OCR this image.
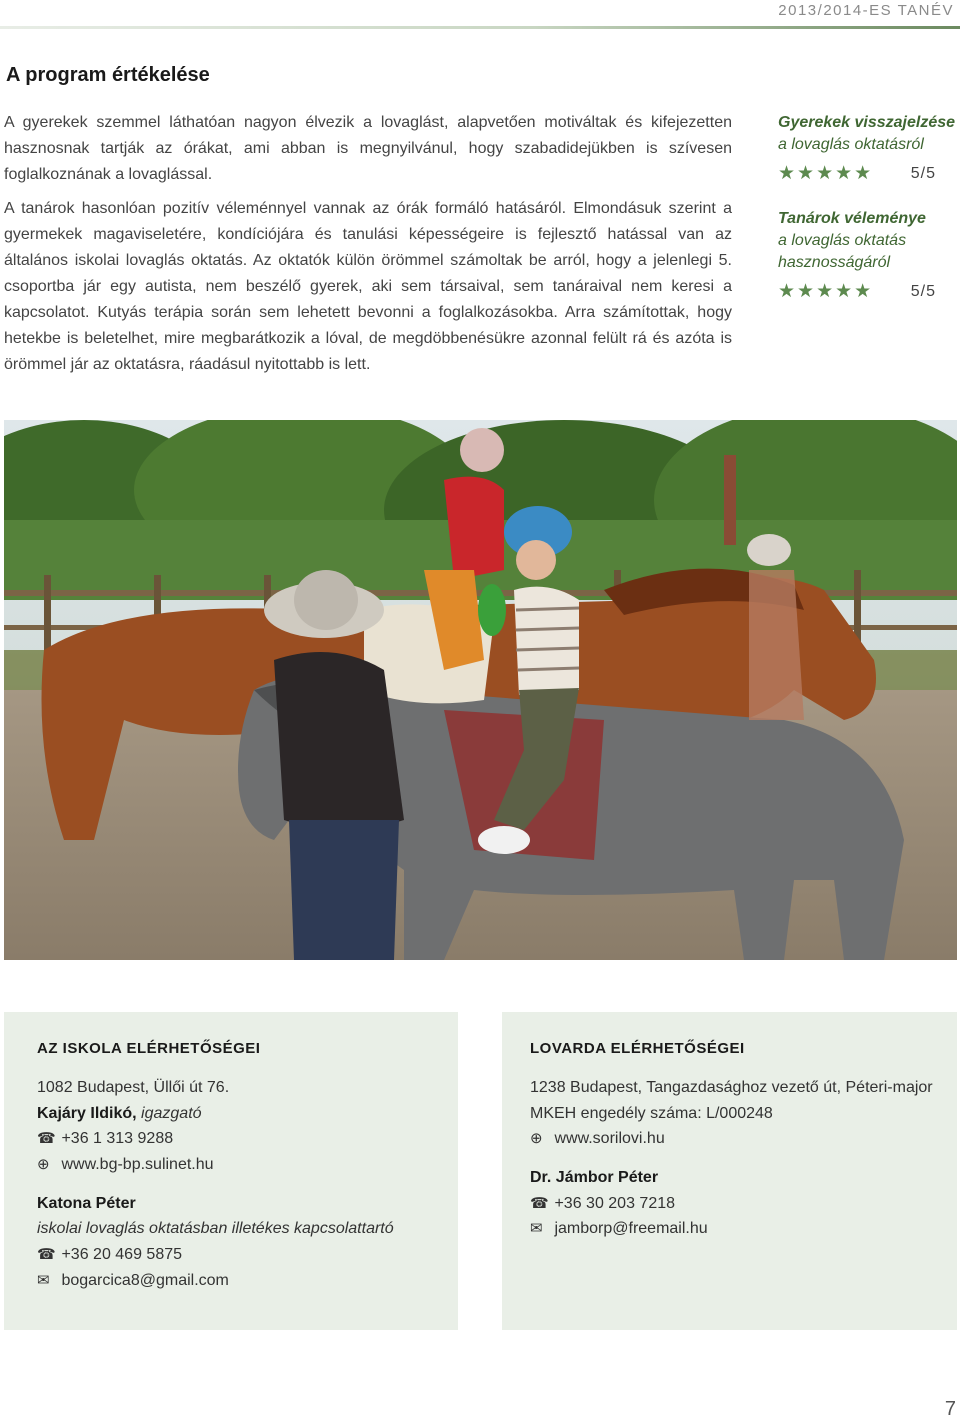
2013/2014-ES TANÉV
A program értékelése

A gyerekek szemmel láthatóan nagyon élvezik a lovaglást, alapvetően motiváltak és kifejezetten hasznosnak tartják az órákat, ami abban is megnyilvánul, hogy szabadidejükben is szívesen foglalkoznának a lovaglással.

A tanárok hasonlóan pozitív véleménnyel vannak az órák formáló hatásáról. Elmondásuk szerint a gyermekek magaviseletére, kondíciójára és tanulási képességeire is fejlesztő hatással van az általános iskolai lovaglás oktatás. Az oktatók külön örömmel számoltak be arról, hogy a jelenlegi 5. csoportba jár egy autista, nem beszélő gyerek, aki sem társaival, sem tanáraival nem keresi a kapcsolatot. Kutyás terápia során sem lehetett bevonni a foglalkozásokba. Arra számítottak, hogy hetekbe is beletelhet, mire megbarátkozik a lóval, de megdöbbenésükre azonnal felült rá és azóta is örömmel jár az oktatásra, ráadásul nyitottabb is lett.

Gyerekek visszajelzése
a lovaglás oktatásról
★★★★★ 5/5
Tanárok véleménye
a lovaglás oktatás hasznosságáról
★★★★★ 5/5
AZ ISKOLA ELÉRHETŐSÉGEI
1082 Budapest, Üllői út 76.
Kajáry Ildikó, igazgató
☎ +36 1 313 9288
⊕ www.bg-bp.sulinet.hu
Katona Péter
iskolai lovaglás oktatásban illetékes kapcsolattartó
☎ +36 20 469 5875
✉ bogarcica8@gmail.com
LOVARDA ELÉRHETŐSÉGEI
1238 Budapest, Tangazdasághoz vezető út, Péteri-major
MKEH engedély száma: L/000248
⊕ www.sorilovi.hu
Dr. Jámbor Péter
☎ +36 30 203 7218
✉ jamborp@freemail.hu
7
